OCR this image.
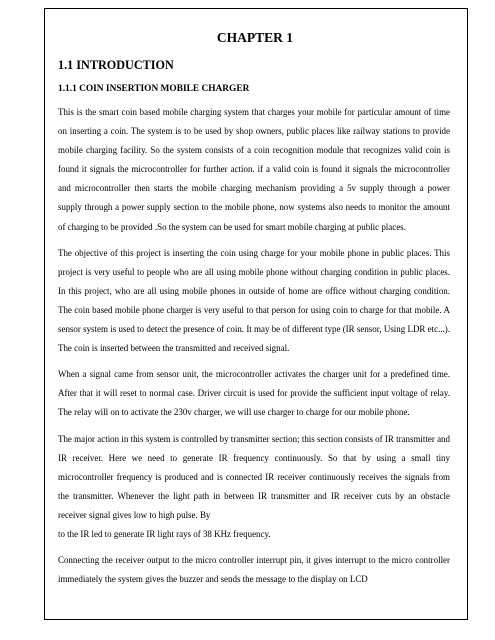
CHAPTER 1
1.1 INTRODUCTION
1.1.1 COIN INSERTION MOBILE CHARGER

This is the smart coin based mobile charging system that charges your mobile for particular amount of time on inserting a coin. The system is to be used by shop owners, public places like railway stations to provide mobile charging facility. So the system consists of a coin recognition module that recognizes valid coin is found it signals the microcontroller for further action. if a valid coin is found it signals the microcontroller and microcontroller then starts the mobile charging mechanism providing a 5v supply through a power supply through a power supply section to the mobile phone, now systems also needs to monitor the amount of charging to be provided .So the system can be used for smart mobile charging at public places.

The objective of this project is inserting the coin using charge for your mobile phone in public places. This project is very useful to people who are all using mobile phone without charging condition in public places. In this project, who are all using mobile phones in outside of home are office without charging condition. The coin based mobile phone charger is very useful to that person for using coin to charge for that mobile. A sensor system is used to detect the presence of coin. It may be of different type (IR sensor, Using LDR etc...). The coin is inserted between the transmitted and received signal.

When a signal came from sensor unit, the microcontroller activates the charger unit for a predefined time. After that it will reset to normal case. Driver circuit is used for provide the sufficient input voltage of relay. The relay will on to activate the 230v charger, we will use charger to charge for our mobile phone.

The major action in this system is controlled by transmitter section; this section consists of IR transmitter and IR receiver. Here we need to generate IR frequency continuously. So that by using a small tiny microcontroller frequency is produced and is connected IR receiver continuously receives the signals from the transmitter. Whenever the light path in between IR transmitter and IR receiver cuts by an obstacle receiver signal gives low to high pulse. By
to the IR led to generate IR light rays of 38 KHz frequency.

Connecting the receiver output to the micro controller interrupt pin, it gives interrupt to the micro controller immediately the system gives the buzzer and sends the message to the display on LCD
